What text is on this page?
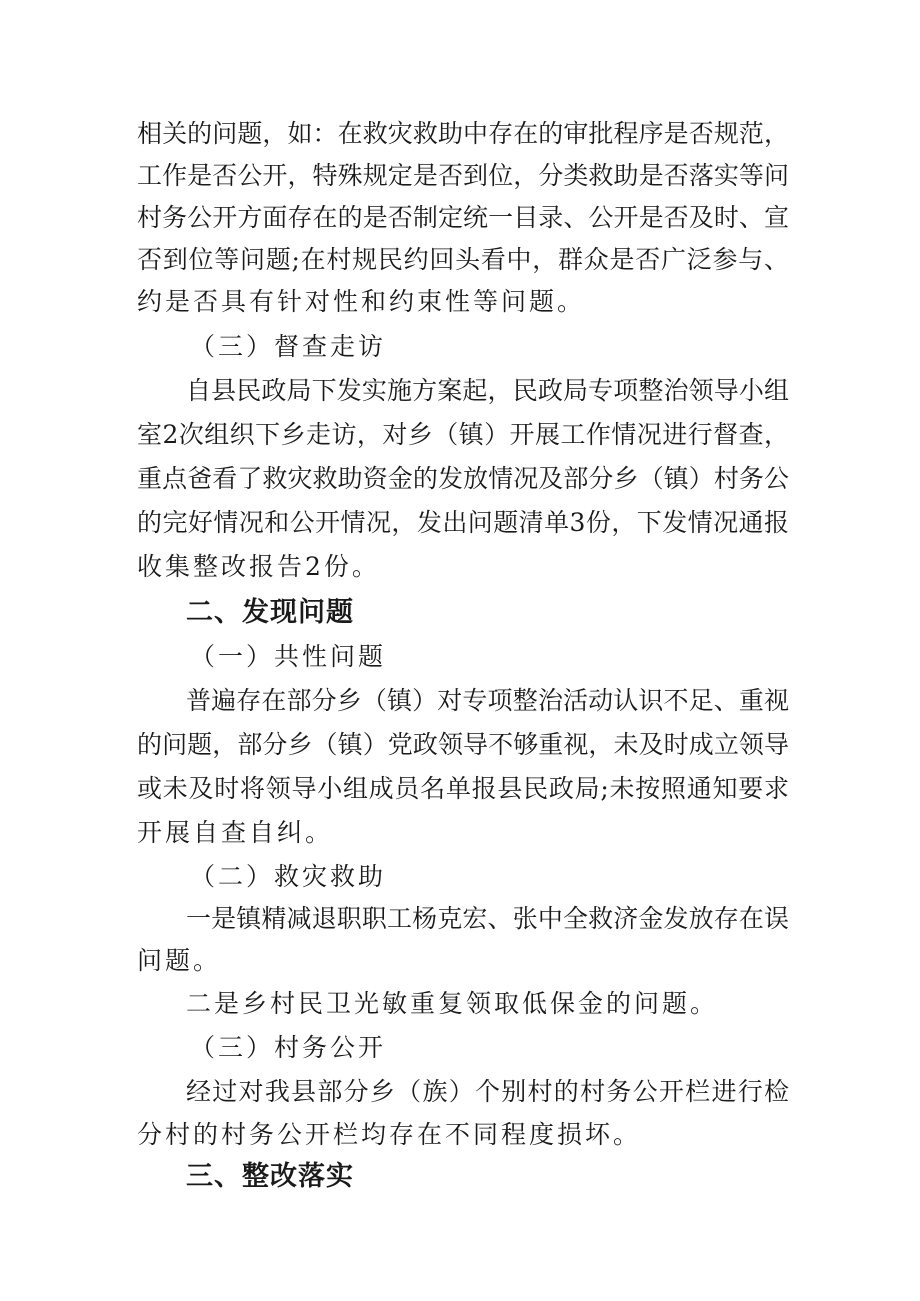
相关的问题，如：在救灾救助中存在的审批程序是否规范，
工作是否公开，特殊规定是否到位，分类救助是否落实等问
村务公开方面存在的是否制定统一目录、公开是否及时、宣
否到位等问题;在村规民约回头看中，群众是否广泛参与、
约是否具有针对性和约束性等问题。
（三）督查走访
自县民政局下发实施方案起，民政局专项整治领导小组
室2次组织下乡走访，对乡（镇）开展工作情况进行督查，
重点爸看了救灾救助资金的发放情况及部分乡（镇）村务公
的完好情况和公开情况，发出问题清单3份，下发情况通报
收集整改报告2份。
二、发现问题
（一）共性问题
普遍存在部分乡（镇）对专项整治活动认识不足、重视
的问题，部分乡（镇）党政领导不够重视，未及时成立领导
或未及时将领导小组成员名单报县民政局;未按照通知要求
开展自查自纠。
（二）救灾救助
一是镇精减退职职工杨克宏、张中全救济金发放存在误
问题。
二是乡村民卫光敏重复领取低保金的问题。
（三）村务公开
经过对我县部分乡（族）个别村的村务公开栏进行检
分村的村务公开栏均存在不同程度损坏。
三、整改落实
